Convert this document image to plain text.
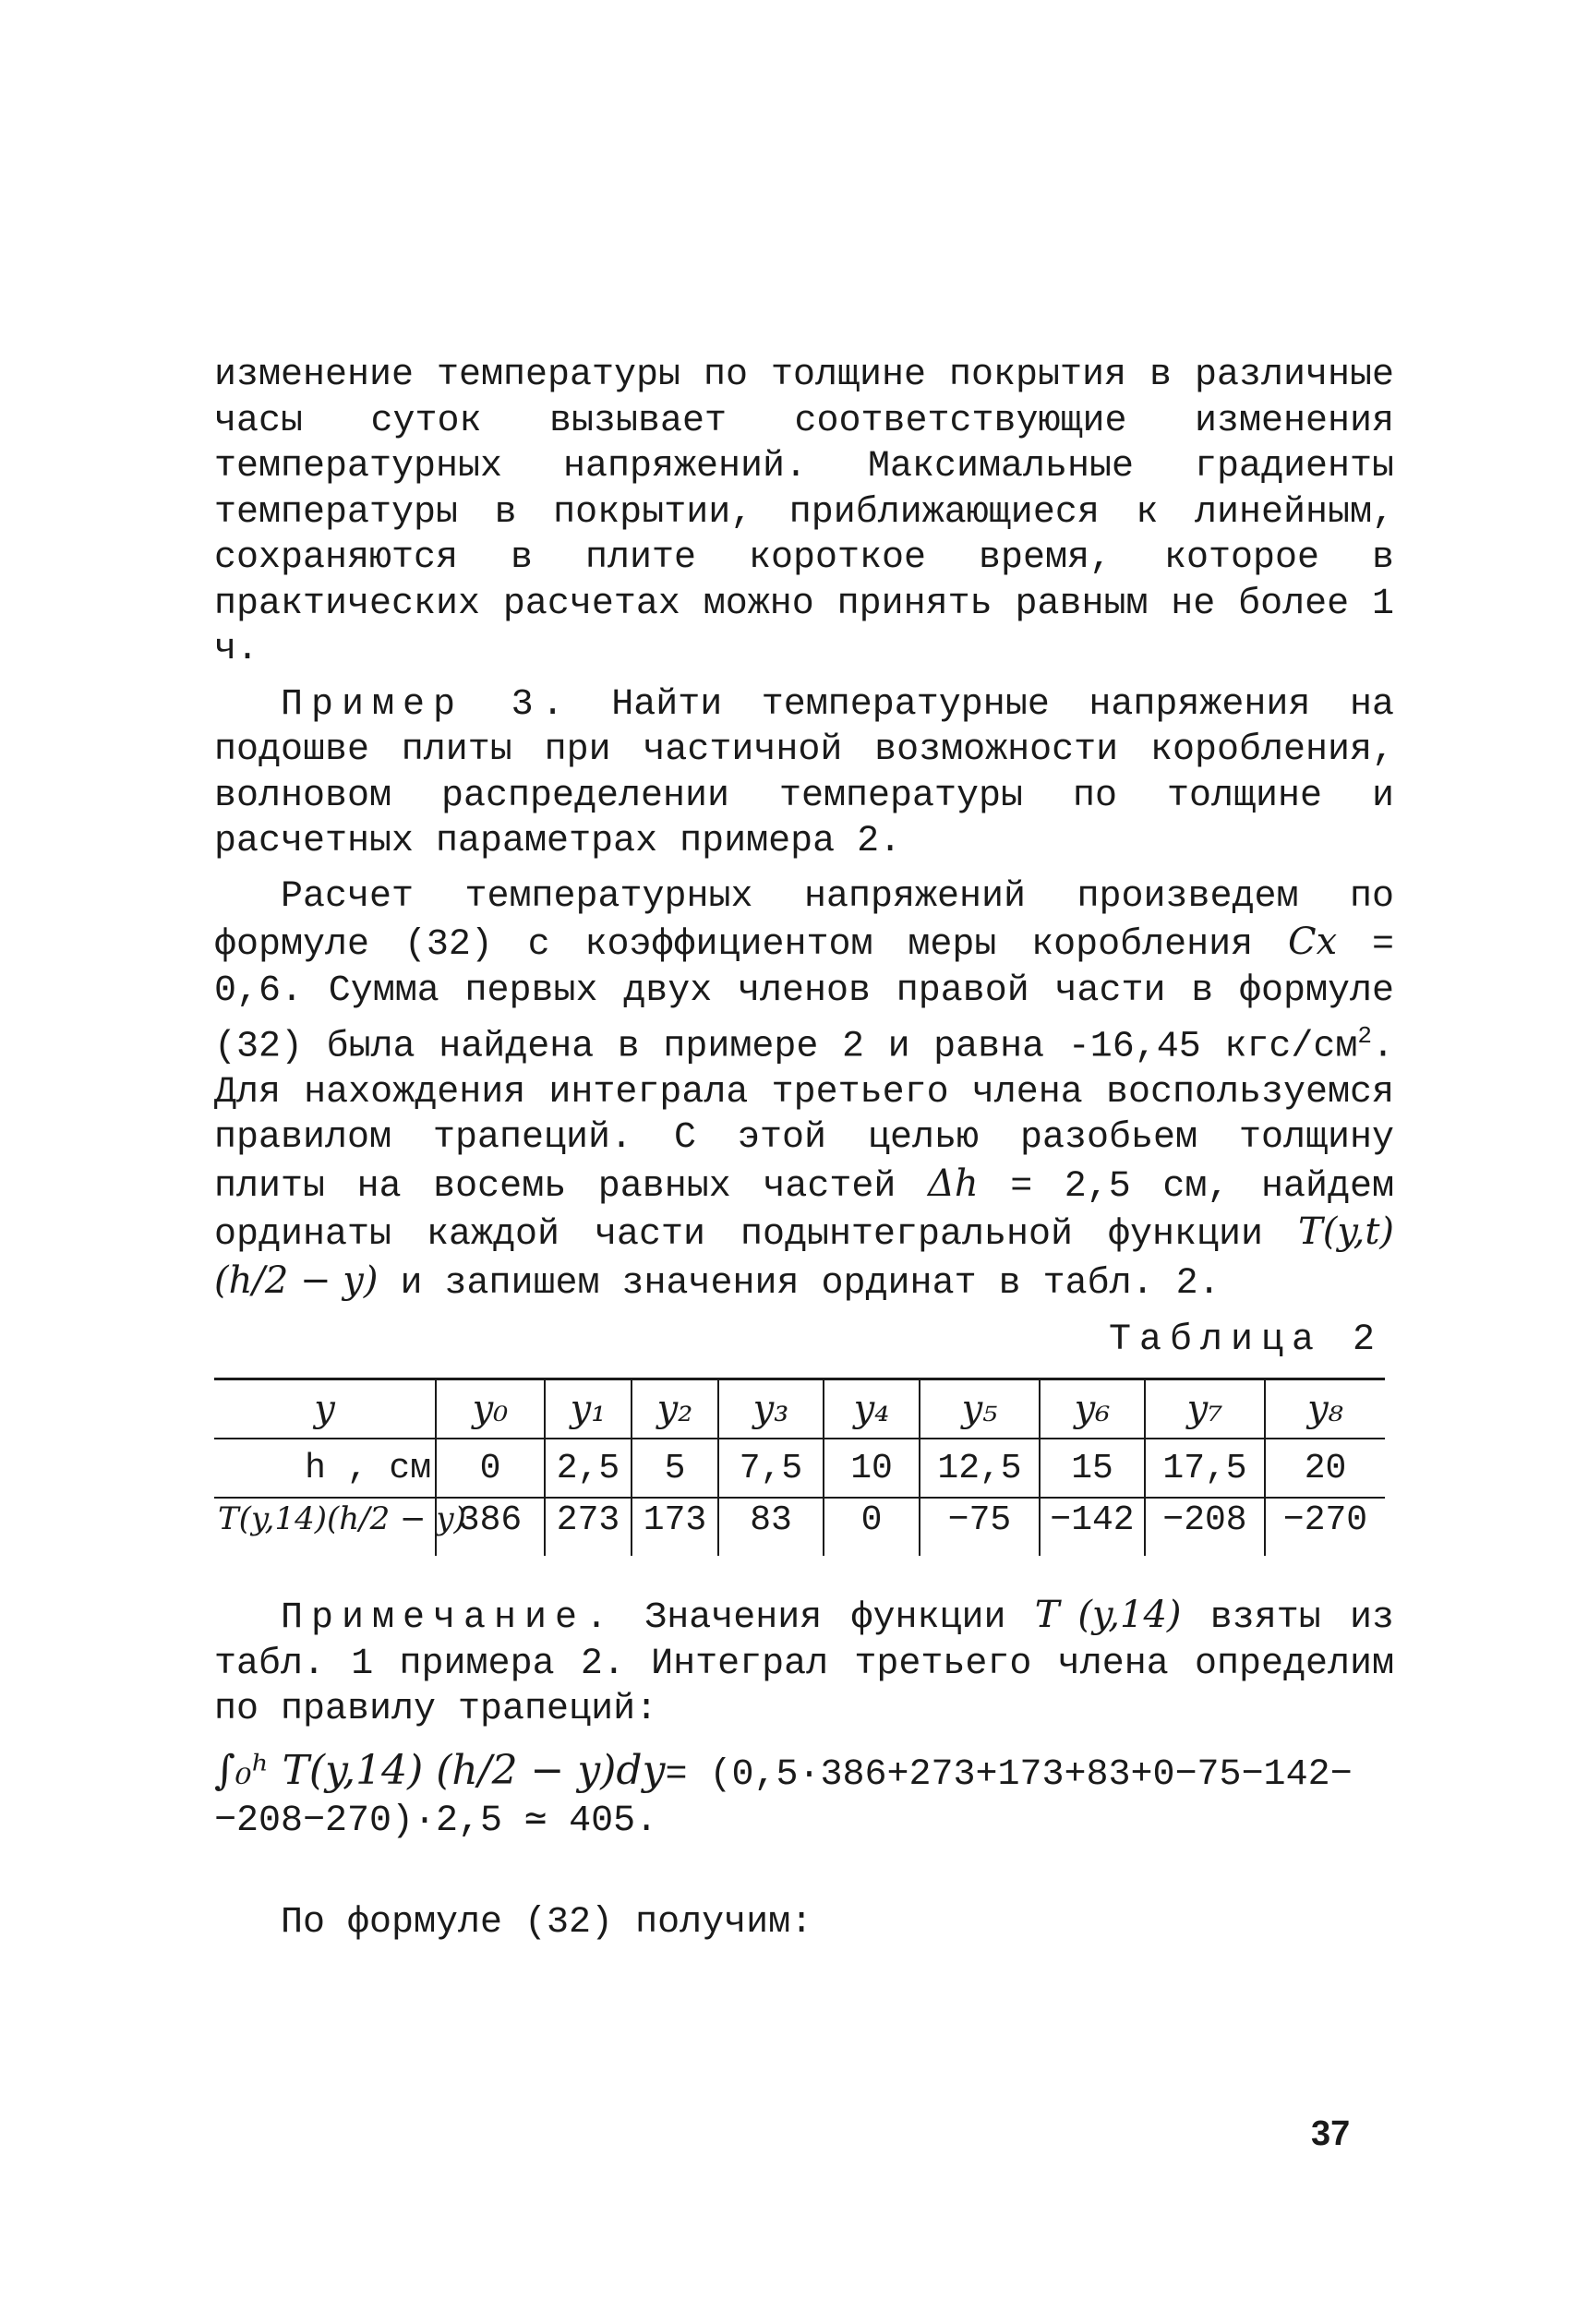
изменение температуры по толщине покрытия в различные часы суток вызывает соответствующие изменения температурных напряжений. Максимальные градиенты температуры в покрытии, приближающиеся к линейным, сохраняются в плите короткое время, которое в практических расчетах можно принять равным не более 1 ч.

Пример 3. Найти температурные напряжения на подошве плиты при частичной возможности коробления, волновом распределении температуры по толщине и расчетных параметрах примера 2.

Расчет температурных напряжений произведем по формуле (32) с коэффициентом меры коробления Cx = 0,6. Сумма первых двух членов правой части в формуле (32) была найдена в примере 2 и равна -16,45 кгс/$см^2$. Для нахождения интеграла третьего члена воспользуемся правилом трапеций. С этой целью разобьем толщину плиты на восемь равных частей Δh = 2,5 см, найдем ординаты каждой части подынтегральной функции T(y,t)(h/2 − y) и запишем значения ординат в табл. 2.

Таблица 2
y	y₀	y₁	y₂	y₃	y₄	y₅	y₆	y₇	y₈
h , см	0	2,5	5	7,5	10	12,5	15	17,5	20
T(y,14)(h/2 − y)	386	273	173	83	0	−75	−142	−208	−270

Примечание. Значения функции T (y,14) взяты из табл. 1 примера 2. Интеграл третьего члена определим по правилу трапеций:

∫₀ʰ T(y,14) (h/2 − y)dy= (0,5·386+273+173+83+0−75−142−
−208−270)·2,5 ≃ 405.

По формуле (32) получим:

37
